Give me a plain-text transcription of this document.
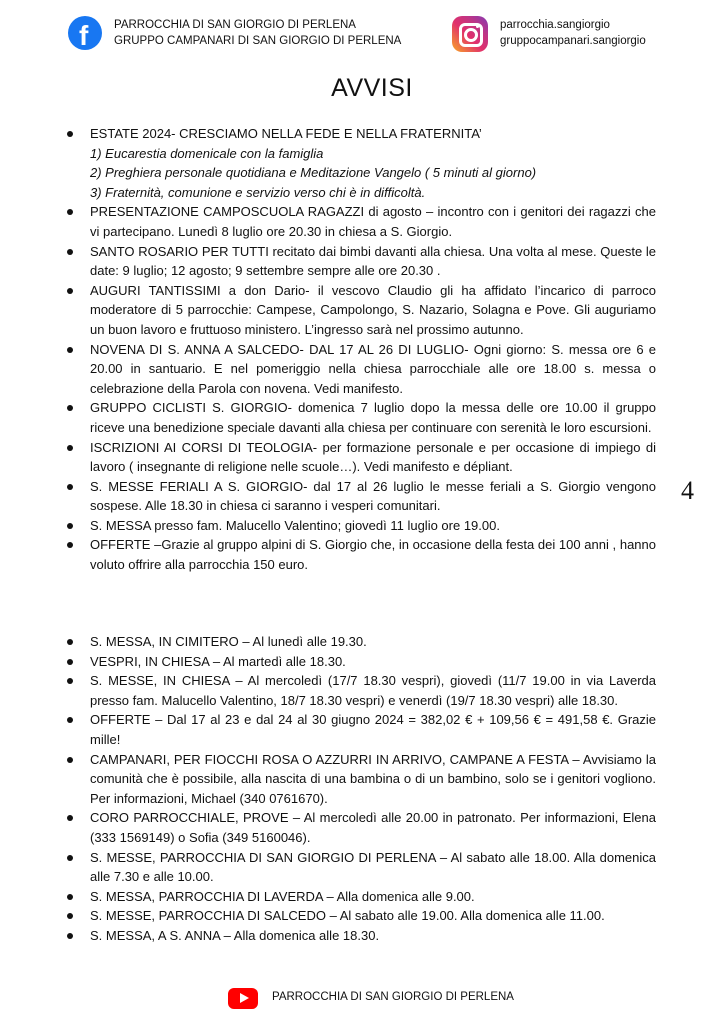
f PARROCCHIA DI SAN GIORGIO DI PERLENA
GRUPPO CAMPANARI DI SAN GIORGIO DI PERLENA
parrocchia.sangiorgio
gruppocampanari.sangiorgio
AVVISI
ESTATE 2024- CRESCIAMO NELLA FEDE E NELLA FRATERNITA’
1) Eucarestia domenicale con la famiglia
2) Preghiera personale quotidiana e Meditazione Vangelo ( 5 minuti al giorno)
3) Fraternità, comunione e servizio verso chi è in difficoltà.
PRESENTAZIONE CAMPOSCUOLA RAGAZZI di agosto – incontro con i genitori dei ragazzi che vi partecipano. Lunedì 8 luglio ore 20.30 in chiesa a S. Giorgio.
SANTO ROSARIO PER TUTTI recitato dai bimbi davanti alla chiesa. Una volta al mese. Queste le date: 9 luglio; 12 agosto; 9 settembre sempre alle ore 20.30 .
AUGURI TANTISSIMI a don Dario- il vescovo Claudio gli ha affidato l’incarico di parroco moderatore di 5 parrocchie: Campese, Campolongo, S. Nazario, Solagna e Pove. Gli auguriamo un buon lavoro e fruttuoso ministero. L’ingresso sarà nel prossimo autunno.
NOVENA DI S. ANNA A SALCEDO- DAL 17 AL 26 DI LUGLIO- Ogni giorno: S. messa ore 6 e 20.00 in santuario. E nel pomeriggio nella chiesa parrocchiale alle ore 18.00 s. messa o celebrazione della Parola con novena. Vedi manifesto.
GRUPPO CICLISTI S. GIORGIO- domenica 7 luglio dopo la messa delle ore 10.00 il gruppo riceve una benedizione speciale davanti alla chiesa per continuare con serenità le loro escursioni.
ISCRIZIONI AI CORSI DI TEOLOGIA- per formazione personale e per occasione di impiego di lavoro ( insegnante di religione nelle scuole…). Vedi manifesto e dépliant.
S. MESSE FERIALI A S. GIORGIO- dal 17 al 26 luglio le messe feriali a S. Giorgio vengono sospese. Alle 18.30 in chiesa ci saranno i vesperi comunitari.
S. MESSA presso fam. Malucello Valentino; giovedì 11 luglio ore 19.00.
OFFERTE –Grazie al gruppo alpini di S. Giorgio che, in occasione della festa dei 100 anni , hanno voluto offrire alla parrocchia 150 euro.
S. MESSA, IN CIMITERO – Al lunedì alle 19.30.
VESPRI, IN CHIESA – Al martedì alle 18.30.
S. MESSE, IN CHIESA – Al mercoledì (17/7 18.30 vespri), giovedì (11/7 19.00 in via Laverda presso fam. Malucello Valentino, 18/7 18.30 vespri) e venerdì (19/7 18.30 vespri) alle 18.30.
OFFERTE – Dal 17 al 23 e dal 24 al 30 giugno 2024 = 382,02 € + 109,56 € = 491,58 €. Grazie mille!
CAMPANARI, PER FIOCCHI ROSA O AZZURRI IN ARRIVO, CAMPANE A FESTA – Avvisiamo la comunità che è possibile, alla nascita di una bambina o di un bambino, solo se i genitori vogliono. Per informazioni, Michael (340 0761670).
CORO PARROCCHIALE, PROVE – Al mercoledì alle 20.00 in patronato. Per informazioni, Elena (333 1569149) o Sofia (349 5160046).
S. MESSE, PARROCCHIA DI SAN GIORGIO DI PERLENA – Al sabato alle 18.00. Alla domenica alle 7.30 e alle 10.00.
S. MESSA, PARROCCHIA DI LAVERDA – Alla domenica alle 9.00.
S. MESSE, PARROCCHIA DI SALCEDO – Al sabato alle 19.00. Alla domenica alle 11.00.
S. MESSA, A S. ANNA – Alla domenica alle 18.30.
4
PARROCCHIA DI SAN GIORGIO DI PERLENA
